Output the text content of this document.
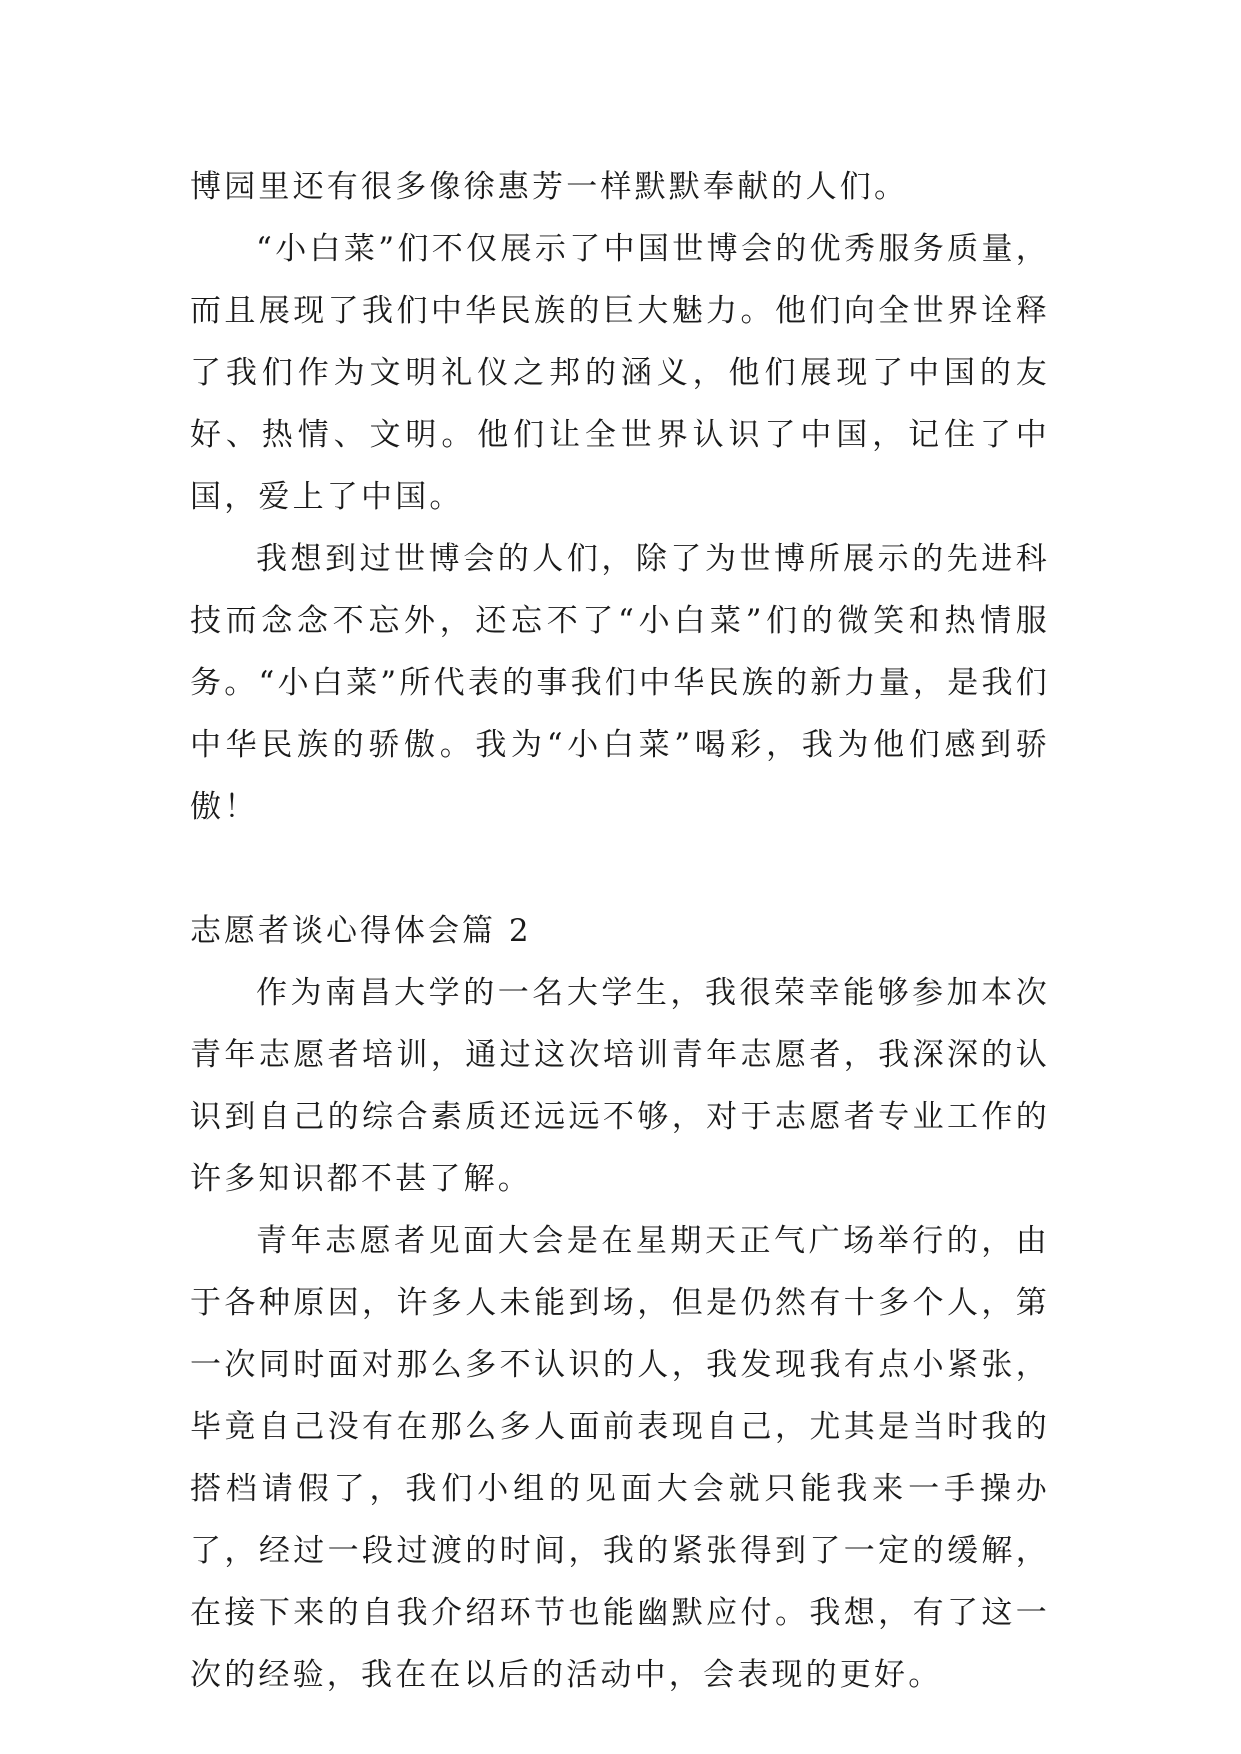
博园里还有很多像徐惠芳一样默默奉献的人们。

“小白菜”们不仅展示了中国世博会的优秀服务质量，而且展现了我们中华民族的巨大魅力。他们向全世界诠释了我们作为文明礼仪之邦的涵义，他们展现了中国的友好、热情、文明。他们让全世界认识了中国，记住了中国，爱上了中国。

我想到过世博会的人们，除了为世博所展示的先进科技而念念不忘外，还忘不了“小白菜”们的微笑和热情服务。“小白菜”所代表的事我们中华民族的新力量，是我们中华民族的骄傲。我为“小白菜”喝彩，我为他们感到骄傲！

志愿者谈心得体会篇 2

作为南昌大学的一名大学生，我很荣幸能够参加本次青年志愿者培训，通过这次培训青年志愿者，我深深的认识到自己的综合素质还远远不够，对于志愿者专业工作的许多知识都不甚了解。

青年志愿者见面大会是在星期天正气广场举行的，由于各种原因，许多人未能到场，但是仍然有十多个人，第一次同时面对那么多不认识的人，我发现我有点小紧张，毕竟自己没有在那么多人面前表现自己，尤其是当时我的搭档请假了，我们小组的见面大会就只能我来一手操办了，经过一段过渡的时间，我的紧张得到了一定的缓解，在接下来的自我介绍环节也能幽默应付。我想，有了这一次的经验，我在在以后的活动中，会表现的更好。
